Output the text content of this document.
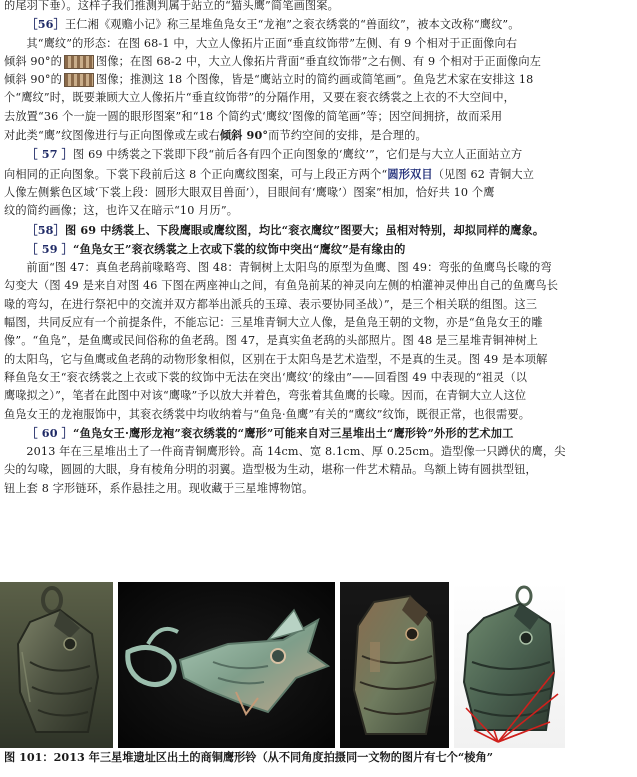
的尾羽下垂）。这样子我们推测判属于站立的“猫头鹰”简笔画图案。

［56］王仁湘《观赡小记》称三星堆鱼凫女王“龙袍”之衮衣绣裳的“兽面纹”，被本文改称“鹰纹”。

其“鹰纹”的形态：在图 68-1 中，大立人像拓片正面“垂直纹饰带”左侧、有 9 个相对于正面像向右

倾斜 90°的	图像；在图 68-2 中，大立人像拓片背面“垂直纹饰带”之右侧、有 9 个相对于正面像向左

倾斜 90°的	图像；推测这 18 个图像，皆是“鹰站立时的简约画或简笔画”。鱼凫艺术家在安排这 18

个“鹰纹”时，既要兼顾大立人像拓片“垂直纹饰带”的分隔作用，又要在衮衣绣裳之上衣的不大空间中，

去放置“36 个一旋一圆的眼形图案”和“18 个简约式‘鹰纹’图像的简笔画”等；因空间拥挤，故而采用

对此类“鹰”纹图像进行与正向图像或左或右倾斜 90°而节约空间的安排，是合理的。

［ 57 ］图 69 中绣裳之下裳即下段“前后各有四个正向图象的‘鹰纹’”，它们是与大立人正面站立方

向相同的正向图象。下裳下段前后这 8 个正向鹰纹图案，可与上段正方两个“圆形双目（见图 62 青铜大立

人像左侧紫色区域‘下裳上段：圆形大眼双目兽面’），目眼间有‘鹰喙’）图案”相加，恰好共 10 个鹰

纹的简约画像；这，也许又在暗示“10 月历”。

［58］图 69 中绣裳上、下段鹰眼或鹰纹图，均比“衮衣鹰纹”图要大；虽相对特别，却拟同样的鹰象。

［ 59 ］“鱼凫女王”衮衣绣裳之上衣或下裳的纹饰中突出“鹰纹”是有缘由的

前面“图 47：真鱼老鸹前喙略弯、图 48：青铜树上太阳鸟的原型为鱼鹰、图 49：弯张的鱼鹰鸟长喙的弯

勾变大（图 49 是来自对图 46 下图在两座神山之间，有鱼凫前某的神灵向左侧的柏灌神灵伸出自己的鱼鹰鸟长

喙的弯勾，在进行祭祀中的交流并双方都举出派兵的玉璋、表示要协同圣战）”，是三个相关联的组图。这三

幅图，共同反应有一个前提条件，不能忘记：三星堆青铜大立人像，是鱼凫王朝的文物，亦是“鱼凫女王的雕

像”。“鱼凫”，是鱼鹰或民间俗称的鱼老鸹。图 47，是真实鱼老鸹的头部照片。图 48 是三星堆青铜神树上

的太阳鸟，它与鱼鹰或鱼老鸹的动物形象相似，区别在于太阳鸟是艺术造型，不是真的生灵。图 49 是本项解

释鱼凫女王“衮衣绣裳之上衣或下裳的纹饰中无法在突出‘鹰纹’的缘由”——回看图 49 中表现的“祖灵（以

鹰喙拟之）”，笔者在此图中对该“鹰喙”予以放大并着色，弯张着其鱼鹰的长喙。因而，在青铜大立人这位

鱼凫女王的龙袍服饰中，其衮衣绣裳中均收纳着与“鱼凫·鱼鹰”有关的“鹰纹”纹饰，既很正常，也很需要。

［ 60 ］“鱼凫女王·鹰形龙袍”衮衣绣裳的“鹰形”可能来自对三星堆出土“鹰形铃”外形的艺术加工

2013 年在三星堆出土了一件商青铜鹰形铃。高 14cm、宽 8.1cm、厚 0.25cm。造型像一只蹲伏的鹰，尖

尖的勾喙，圆圆的大眼，身有棱角分明的羽翼。造型极为生动，堪称一件艺术精品。鸟额上铸有圆拱型钮，

钮上套 8 字形链环，系作悬挂之用。现收藏于三星堆博物馆。

图 101：2013 年三星堆遗址区出土的商铜鹰形铃（从不同角度拍摄同一文物的图片有七个“棱角”
